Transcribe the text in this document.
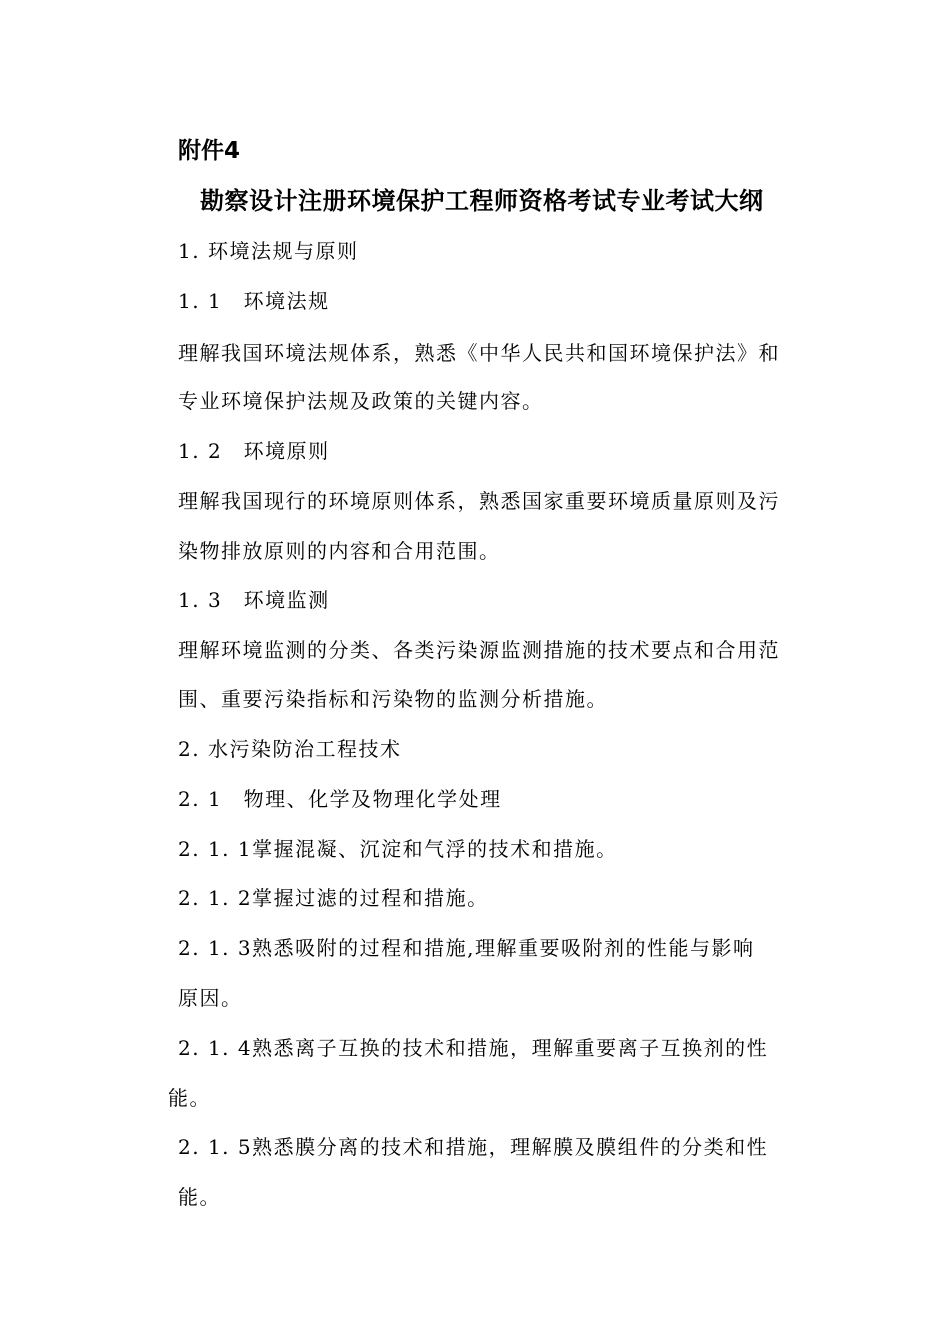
附件4
勘察设计注册环境保护工程师资格考试专业考试大纲
1. 环境法规与原则
1. 1　环境法规
理解我国环境法规体系，熟悉《中华人民共和国环境保护法》和
专业环境保护法规及政策的关键内容。
1. 2　环境原则
理解我国现行的环境原则体系，熟悉国家重要环境质量原则及污
染物排放原则的内容和合用范围。
1. 3　环境监测
理解环境监测的分类、各类污染源监测措施的技术要点和合用范
围、重要污染指标和污染物的监测分析措施。
2. 水污染防治工程技术
2. 1　物理、化学及物理化学处理
2. 1. 1掌握混凝、沉淀和气浮的技术和措施。
2. 1. 2掌握过滤的过程和措施。
2. 1. 3熟悉吸附的过程和措施,理解重要吸附剂的性能与影响
原因。
2. 1. 4熟悉离子互换的技术和措施，理解重要离子互换剂的性
能。
2. 1. 5熟悉膜分离的技术和措施，理解膜及膜组件的分类和性
能。
